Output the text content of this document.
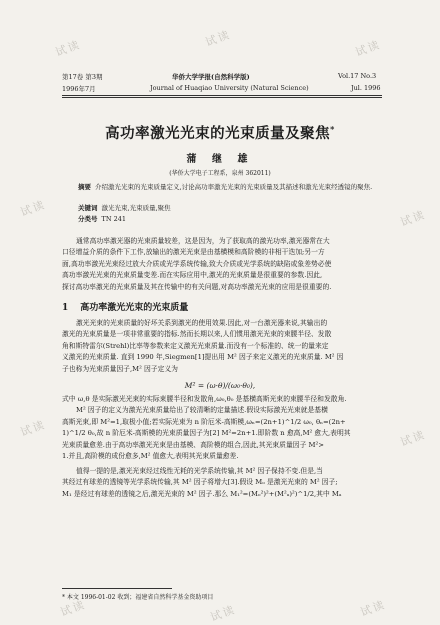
试读	试读	试读
试读	试读
试读	试读
试读	试读	试读
第17卷 第3期	华侨大学学报(自然科学版)	Vol.17 No.3
1996年7月	Journal of Huaqiao University (Natural Science)	Jul. 1996
高功率激光光束的光束质量及聚焦*
蒲 继 雄
(华侨大学电子工程系，泉州 362011)
摘要 介绍激光光束的光束质量定义,讨论高功率激光光束的光束质量及其描述和激光光束经透镜的聚焦.
关键词 激光光束,光束质量,聚焦
分类号 TN 241
通常高功率激光器的光束质量较差，这是因为，为了获取高的激光功率,激光器常在大
口径增益介质的条件下工作,放输出的激光光束是由基横模和高阶模的非相干迭加;另一方
面,高功率激光光束经过放大介质或光学系统传输,致大介质或光学系统的缺陷或象差势必使
高功率激光光束的光束质量变差.而在实际应用中,激光的光束质量是很重要的参数.因此,
探讨高功率激光的光束质量及其在传输中的有关问题,对高功率激光光束的应用是很重要的.
1 高功率激光光束的光束质量
激光光束的光束质量的好坏关系到激光的使用效果.因此,对一台激光器来说,其输出的
激光的光束质量是一项非常重要的指标.然而长期以来,人们惯用激光光束的束腰半径、发散
角和斯特雷尔(Strehl)比率等参数来定义激光光束质量.而没有一个标准的、统一的量来定
义激光的光束质量. 直到 1990 年,Siegmen[1]提出用 M² 因子来定义激光的光束质量. M² 因
子也称为光束质量因子,M² 因子定义为
M² = (ω·θ)/(ω₀·θ₀),
式中 ω,θ 是实际激光光束的实际束腰半径和发散角,ω₀,θ₀ 是基横高斯光束的束腰半径和发散角.
M² 因子的定义为激光光束质量给出了较清晰的定量描述.假设实际激光光束就是基横
高斯光束,即 M²=1,取极小值;若实际光束为 n 阶厄米-高斯模,ωₙ=(2n+1)^1/2 ω₀, θₙ=(2n+
1)^1/2 θ₀,故 n 阶厄米-高斯模的光束质量因子为[2] M²=2n+1.即阶数 n 愈高,M² 愈大,表明其
光束质量愈差.由于高功率激光光束是由基模、高阶模的组合,因此,其光束质量因子 M²>
1.并且,高阶模的成份愈多,M² 值愈大,表明其光束质量愈差.
值得一提的是,激光光束经过线性无耗的光学系统传输,其 M² 因子保持不变.但是,当
其经过有球差的透镜等光学系统传输,其 M² 因子将增大[3].假设 Mₒ 是激光光束的 M² 因子;
M₁ 是经过有球差的透镜之后,激光光束的 M² 因子.那么 M₁²=(Mₒ²)²+(M²ₐ)²)^1/2,其中 Mₐ
* 本文 1996-01-02 收到；福建省自然科学基金资助项目
